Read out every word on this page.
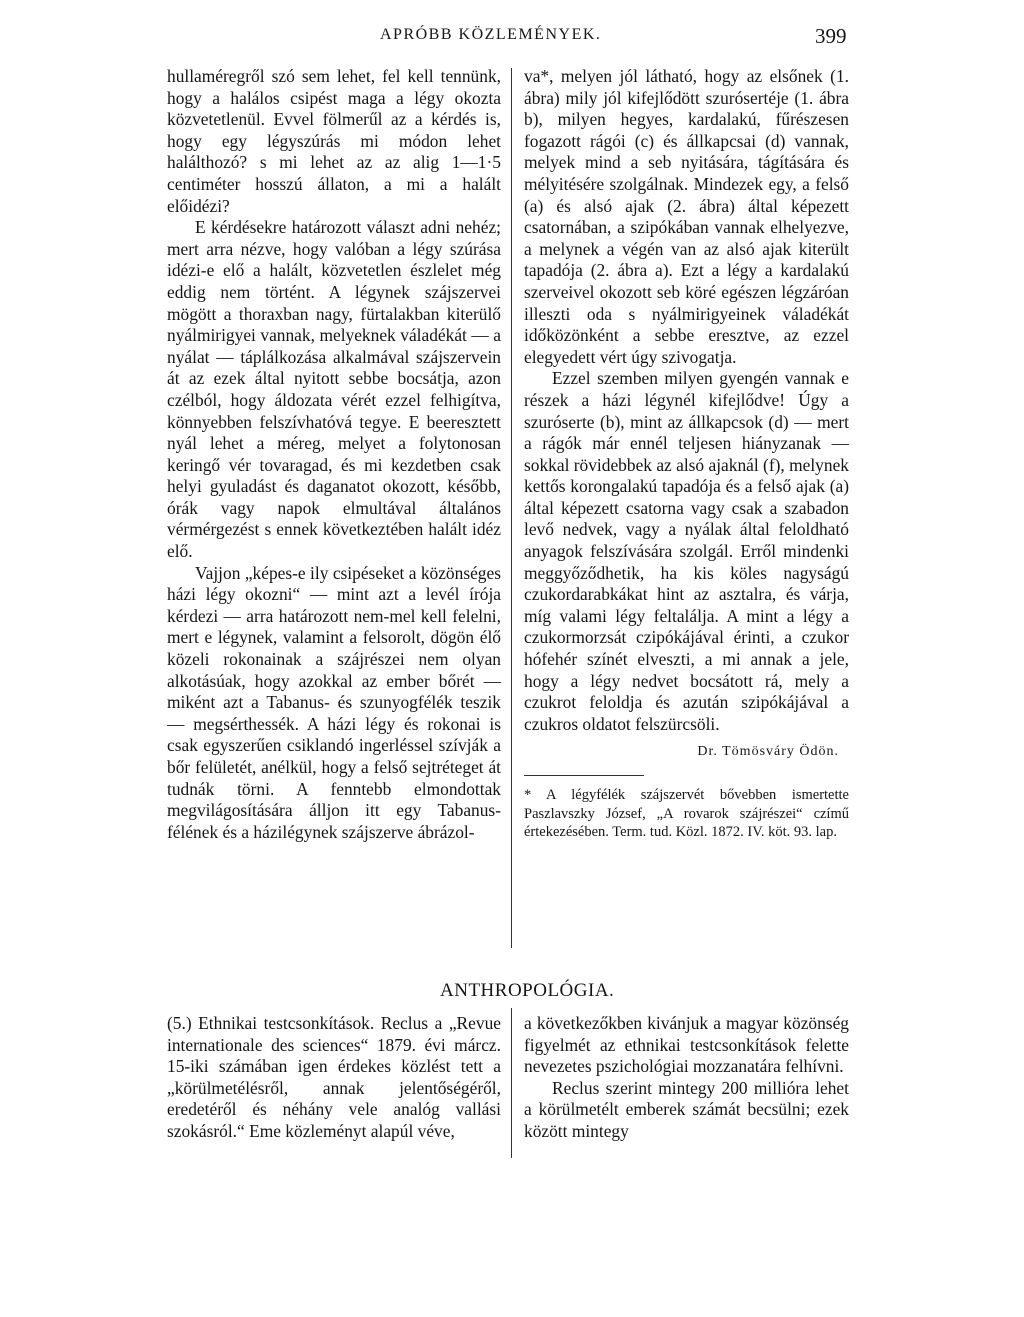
APRÓBB KÖZLEMÉNYEK.	399

hullaméregről szó sem lehet, fel kell tennünk, hogy a halálos csipést maga a légy okozta közvetetlenül. Evvel fölmerűl az a kérdés is, hogy egy légyszúrás mi módon lehet halálthozó? s mi lehet az az alig 1—1·5 centiméter hosszú állaton, a mi a halált előidézi?

E kérdésekre határozott választ adni nehéz; mert arra nézve, hogy valóban a légy szúrása idézi-e elő a halált, közvetetlen észlelet még eddig nem történt. A légynek szájszervei mögött a thoraxban nagy, fürtalakban kiterülő nyálmirigyei vannak, melyeknek váladékát — a nyálat — táplálkozása alkalmával szájszervein át az ezek által nyitott sebbe bocsátja, azon czélból, hogy áldozata vérét ezzel felhigítva, könnyebben felszívhatóvá tegye. E beeresztett nyál lehet a méreg, melyet a folytonosan keringő vér tovaragad, és mi kezdetben csak helyi gyuladást és daganatot okozott, később, órák vagy napok elmultával általános vérmérgezést s ennek következtében halált idéz elő.

Vajjon „képes-e ily csipéseket a közönséges házi légy okozni“ — mint azt a levél írója kérdezi — arra határozott nem-mel kell felelni, mert e légynek, valamint a felsorolt, dögön élő közeli rokonainak a szájrészei nem olyan alkotásúak, hogy azokkal az ember bőrét — miként azt a Tabanus- és szunyogfélék teszik — megsérthessék. A házi légy és rokonai is csak egyszerűen csiklandó ingerléssel szívják a bőr felületét, anélkül, hogy a felső sejtréteget át tudnák törni. A fenntebb elmondottak megvilágosítására álljon itt egy Tabanus-félének és a házilégynek szájszerve ábrázol-

va*, melyen jól látható, hogy az elsőnek (1. ábra) mily jól kifejlődött szurósertéje (1. ábra b), milyen hegyes, kardalakú, fűrészesen fogazott rágói (c) és állkapcsai (d) vannak, melyek mind a seb nyitására, tágítására és mélyitésére szolgálnak. Mindezek egy, a felső (a) és alsó ajak (2. ábra) által képezett csatornában, a szipókában vannak elhelyezve, a melynek a végén van az alsó ajak kiterült tapadója (2. ábra a). Ezt a légy a kardalakú szerveivel okozott seb köré egészen légzáróan illeszti oda s nyálmirigyeinek váladékát időközönként a sebbe eresztve, az ezzel elegyedett vért úgy szivogatja.

Ezzel szemben milyen gyengén vannak e részek a házi légynél kifejlődve! Úgy a szuróserte (b), mint az állkapcsok (d) — mert a rágók már ennél teljesen hiányzanak — sokkal rövidebbek az alsó ajaknál (f), melynek kettős korongalakú tapadója és a felső ajak (a) által képezett csatorna vagy csak a szabadon levő nedvek, vagy a nyálak által feloldható anyagok felszívására szolgál. Erről mindenki meggyőződhetik, ha kis köles nagyságú czukordarabkákat hint az asztalra, és várja, míg valami légy feltalálja. A mint a légy a czukormorzsát czipókájával érinti, a czukor hófehér színét elveszti, a mi annak a jele, hogy a légy nedvet bocsátott rá, mely a czukrot feloldja és azután szipókájával a czukros oldatot felszürcsöli.

Dr. Tömösváry Ödön.
* A légyfélék szájszervét bővebben ismertette Paszlavszky József, „A rovarok szájrészei“ czímű értekezésében. Term. tud. Közl. 1872. IV. köt. 93. lap.
ANTHROPOLÓGIA.

(5.) Ethnikai testcsonkítások. Reclus a „Revue internationale des sciences“ 1879. évi márcz. 15-iki számában igen érdekes közlést tett a „körülmetélésről, annak jelentőségéről, eredetéről és néhány vele analóg vallási szokásról.“ Eme közleményt alapúl véve,

a következőkben kivánjuk a magyar közönség figyelmét az ethnikai testcsonkítások felette nevezetes pszichológiai mozzanatára felhívni.

Reclus szerint mintegy 200 millióra lehet a körülmetélt emberek számát becsülni; ezek között mintegy
